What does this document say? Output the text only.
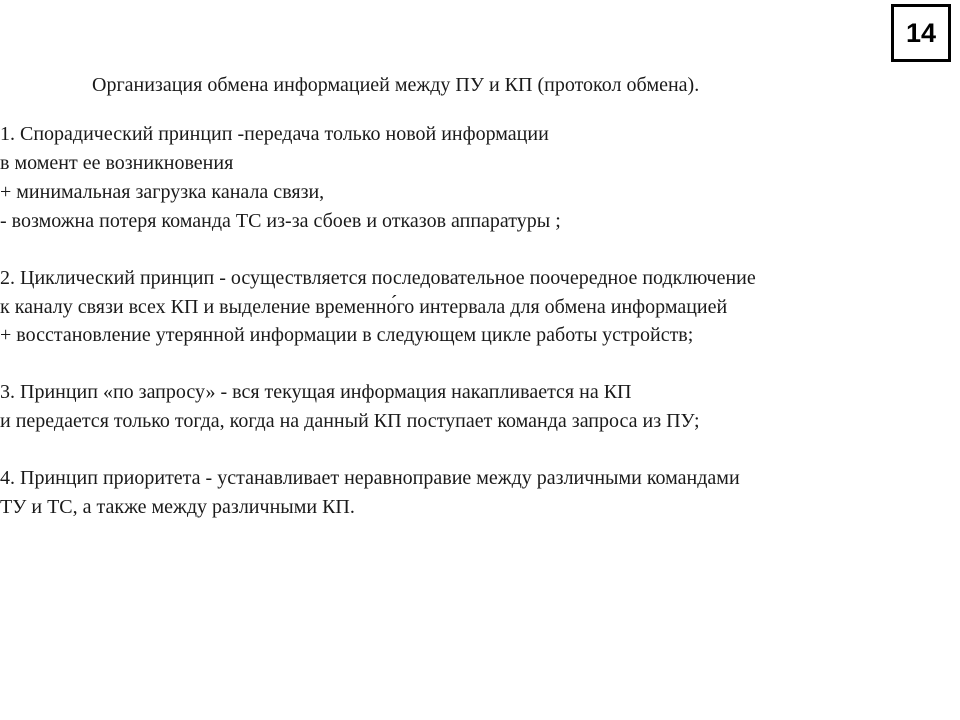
14
Организация обмена информацией между ПУ и КП (протокол обмена).
1. Спорадический принцип -передача только новой информации
в момент ее возникновения
+ минимальная загрузка канала связи,
- возможна потеря команда ТС из-за сбоев и отказов аппаратуры ;
2. Циклический принцип - осуществляется последовательное поочередное подключение
к каналу связи всех КП и выделение временно́го интервала для обмена информацией
+ восстановление утерянной информации в следующем цикле работы устройств;
3. Принцип «по запросу» - вся текущая информация накапливается на КП
и передается только тогда, когда на данный КП поступает команда запроса из ПУ;
4. Принцип приоритета - устанавливает неравноправие между различными командами
ТУ и ТС, а также между различными КП.
